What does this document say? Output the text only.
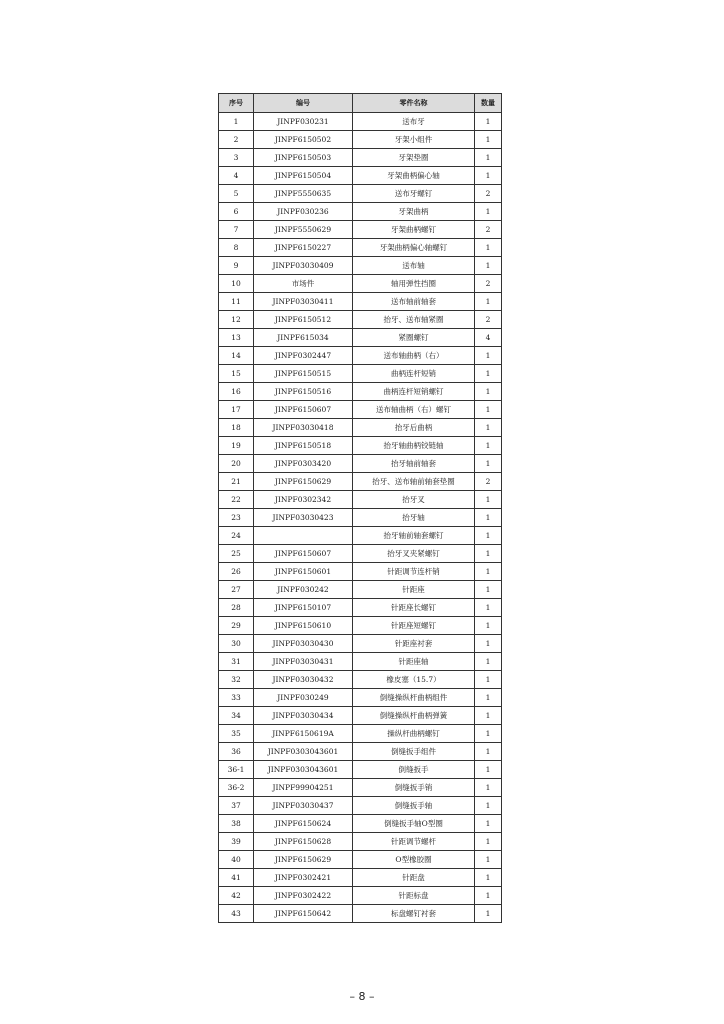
序号	编号	零件名称	数量
1	JINPF030231	送布牙	1
2	JINPF6150502	牙架小组件	1
3	JINPF6150503	牙架垫圈	1
4	JINPF6150504	牙架曲柄偏心轴	1
5	JINPF5550635	送布牙螺钉	2
6	JINPF030236	牙架曲柄	1
7	JINPF5550629	牙架曲柄螺钉	2
8	JINPF6150227	牙架曲柄偏心轴螺钉	1
9	JINPF03030409	送布轴	1
10	市场件	轴用弹性挡圈	2
11	JINPF03030411	送布轴前轴套	1
12	JINPF6150512	抬牙、送布轴紧圈	2
13	JINPF615034	紧圈螺钉	4
14	JINPF0302447	送布轴曲柄（右）	1
15	JINPF6150515	曲柄连杆短销	1
16	JINPF6150516	曲柄连杆短销螺钉	1
17	JINPF6150607	送布轴曲柄（右）螺钉	1
18	JINPF03030418	抬牙后曲柄	1
19	JINPF6150518	抬牙轴曲柄铰链轴	1
20	JINPF0303420	抬牙轴前轴套	1
21	JINPF6150629	抬牙、送布轴前轴套垫圈	2
22	JINPF0302342	抬牙叉	1
23	JINPF03030423	抬牙轴	1
24		抬牙轴前轴套螺钉	1
25	JINPF6150607	抬牙叉夹紧螺钉	1
26	JINPF6150601	针距调节连杆销	1
27	JINPF030242	针距座	1
28	JINPF6150107	针距座长螺钉	1
29	JINPF6150610	针距座短螺钉	1
30	JINPF03030430	针距座衬套	1
31	JINPF03030431	针距座轴	1
32	JINPF03030432	橡皮塞（15.7）	1
33	JINPF030249	倒缝操纵杆曲柄组件	1
34	JINPF03030434	倒缝操纵杆曲柄弹簧	1
35	JINPF6150619A	操纵杆曲柄螺钉	1
36	JINPF0303043601	倒缝扳手组件	1
36-1	JINPF0303043601	倒缝扳手	1
36-2	JINPF99904251	倒缝扳手销	1
37	JINPF03030437	倒缝扳手轴	1
38	JINPF6150624	倒缝扳手轴O型圈	1
39	JINPF6150628	针距调节螺杆	1
40	JINPF6150629	O型橡胶圈	1
41	JINPF0302421	针距盘	1
42	JINPF0302422	针距标盘	1
43	JINPF6150642	标盘螺钉衬套	1
– 8 –
